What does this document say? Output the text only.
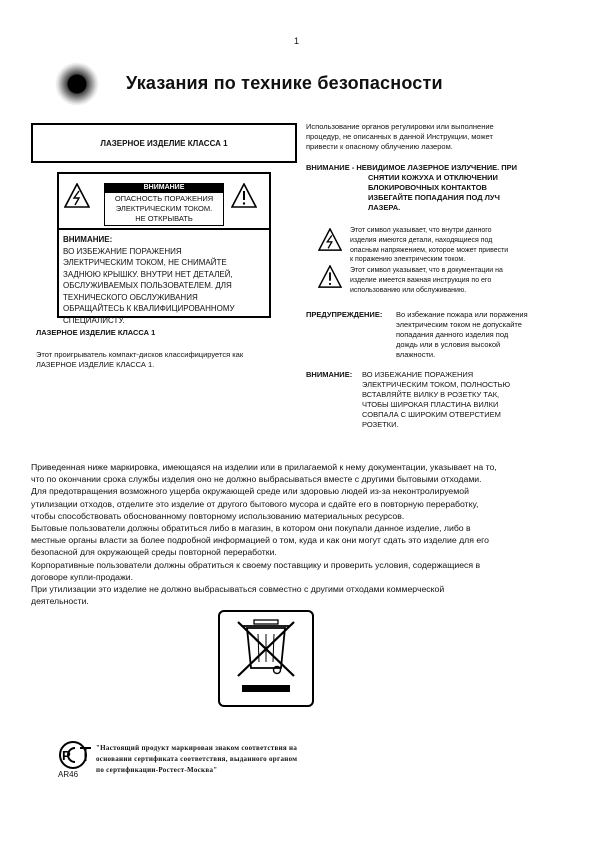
1
Указания по технике безопасности
ЛАЗЕРНОЕ ИЗДЕЛИЕ КЛАССА 1
ВНИМАНИЕ
ОПАСНОСТЬ ПОРАЖЕНИЯ
ЭЛЕКТРИЧЕСКИМ ТОКОМ.
НЕ ОТКРЫВАТЬ
ВНИМАНИЕ:
ВО ИЗБЕЖАНИЕ ПОРАЖЕНИЯ
ЭЛЕКТРИЧЕСКИМ ТОКОМ, НЕ СНИМАЙТЕ
ЗАДНЮЮ КРЫШКУ. ВНУТРИ НЕТ ДЕТАЛЕЙ,
ОБСЛУЖИВАЕМЫХ ПОЛЬЗОВАТЕЛЕМ. ДЛЯ
ТЕХНИЧЕСКОГО ОБСЛУЖИВАНИЯ
ОБРАЩАЙТЕСЬ К КВАЛИФИЦИРОВАННОМУ
СПЕЦИАЛИСТУ.
ЛАЗЕРНОЕ ИЗДЕЛИЕ КЛАССА 1
Этот проигрыватель компакт-дисков классифицируется как
ЛАЗЕРНОЕ ИЗДЕЛИЕ КЛАССА 1.
Использование органов регулировки или выполнение
процедур, не описанных в данной Инструкции, может
привести к опасному облучению лазером.
ВНИМАНИЕ - НЕВИДИМОЕ ЛАЗЕРНОЕ ИЗЛУЧЕНИЕ. ПРИ
СНЯТИИ КОЖУХА И ОТКЛЮЧЕНИИ
БЛОКИРОВОЧНЫХ КОНТАКТОВ
ИЗБЕГАЙТЕ ПОПАДАНИЯ ПОД ЛУЧ
ЛАЗЕРА.
Этот символ указывает, что внутри данного
изделия имеются детали, находящиеся под
опасным напряжением, которое может привести
к поражению электрическим током.
Этот символ указывает, что в документации на
изделие имеется важная инструкция по его
использованию или обслуживанию.
ПРЕДУПРЕЖДЕНИЕ: Во избежание пожара или поражения
электрическим током не допускайте
попадания данного изделия под
дождь или в условия высокой
влажности.
ВНИМАНИЕ: ВО ИЗБЕЖАНИЕ ПОРАЖЕНИЯ
ЭЛЕКТРИЧЕСКИМ ТОКОМ, ПОЛНОСТЬЮ
ВСТАВЛЯЙТЕ ВИЛКУ В РОЗЕТКУ ТАК,
ЧТОБЫ ШИРОКАЯ ПЛАСТИНА ВИЛКИ
СОВПАЛА С ШИРОКИМ ОТВЕРСТИЕМ
РОЗЕТКИ.

Приведенная ниже маркировка, имеющаяся на изделии или в прилагаемой к нему документации, указывает на то,

что по окончании срока службы изделия оно не должно выбрасываться вместе с другими бытовыми отходами.

Для предотвращения возможного ущерба окружающей среде или здоровью людей из-за неконтролируемой

утилизации отходов, отделите это изделие от другого бытового мусора и сдайте его в повторную переработку,

чтобы способствовать обоснованному повторному использованию материальных ресурсов.

Бытовые пользователи должны обратиться либо в магазин, в котором они покупали данное изделие, либо в

местные органы власти за более подробной информацией о том, куда и как они могут сдать это изделие для его

безопасной для окружающей среды повторной переработки.

Корпоративные пользователи должны обратиться к своему поставщику и проверить условия, содержащиеся в

договоре купли-продажи.

При утилизации это изделие не должно выбрасываться совместно с другими отходами коммерческой

деятельности.

Р
AR46
"Настоящий продукт маркирован знаком соответствия на
основании сертификата соответствия, выданного органом
по сертификации-Ростест-Москва"
